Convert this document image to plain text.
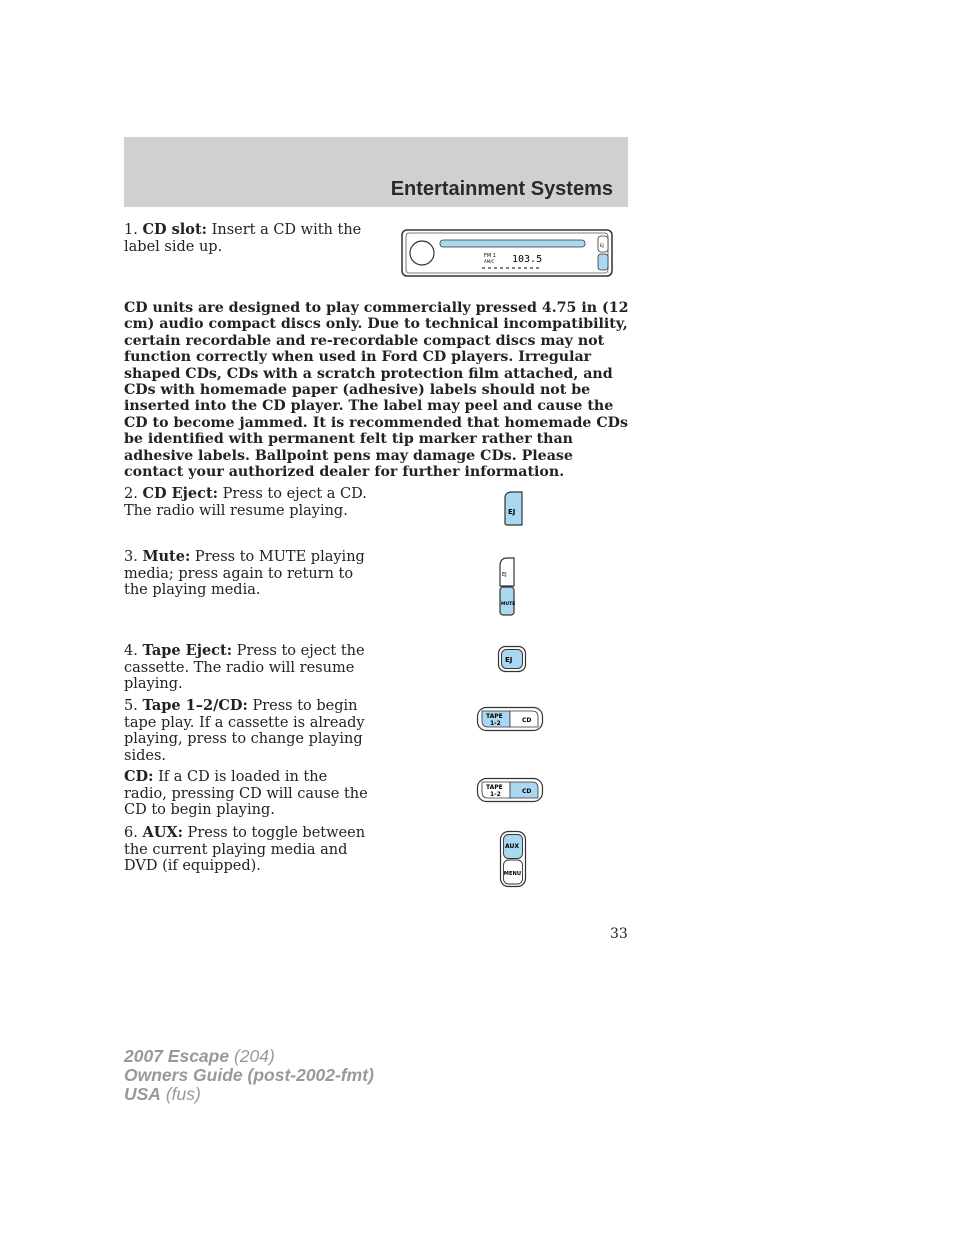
Entertainment Systems
1. CD slot: Insert a CD with the label side up.
FM 1
AM/C 103.5
EJ
CD units are designed to play commercially pressed 4.75 in (12 cm) audio compact discs only. Due to technical incompatibility, certain recordable and re-recordable compact discs may not function correctly when used in Ford CD players. Irregular shaped CDs, CDs with a scratch protection film attached, and CDs with homemade paper (adhesive) labels should not be inserted into the CD player. The label may peel and cause the CD to become jammed. It is recommended that homemade CDs be identified with permanent felt tip marker rather than adhesive labels. Ballpoint pens may damage CDs. Please contact your authorized dealer for further information.
2. CD Eject: Press to eject a CD. The radio will resume playing.	EJ
3. Mute: Press to MUTE playing media; press again to return to the playing media.
EJ
MUTE
4. Tape Eject: Press to eject the cassette. The radio will resume playing.
EJ
5. Tape 1–2/CD: Press to begin tape play. If a cassette is already playing, press to change playing sides.
TAPE
1-2	CD
CD: If a CD is loaded in the radio, pressing CD will cause the CD to begin playing.
TAPE
1-2	CD
6. AUX: Press to toggle between the current playing media and DVD (if equipped).
AUX
MENU
33
2007 Escape (204)
Owners Guide (post-2002-fmt)
USA (fus)
